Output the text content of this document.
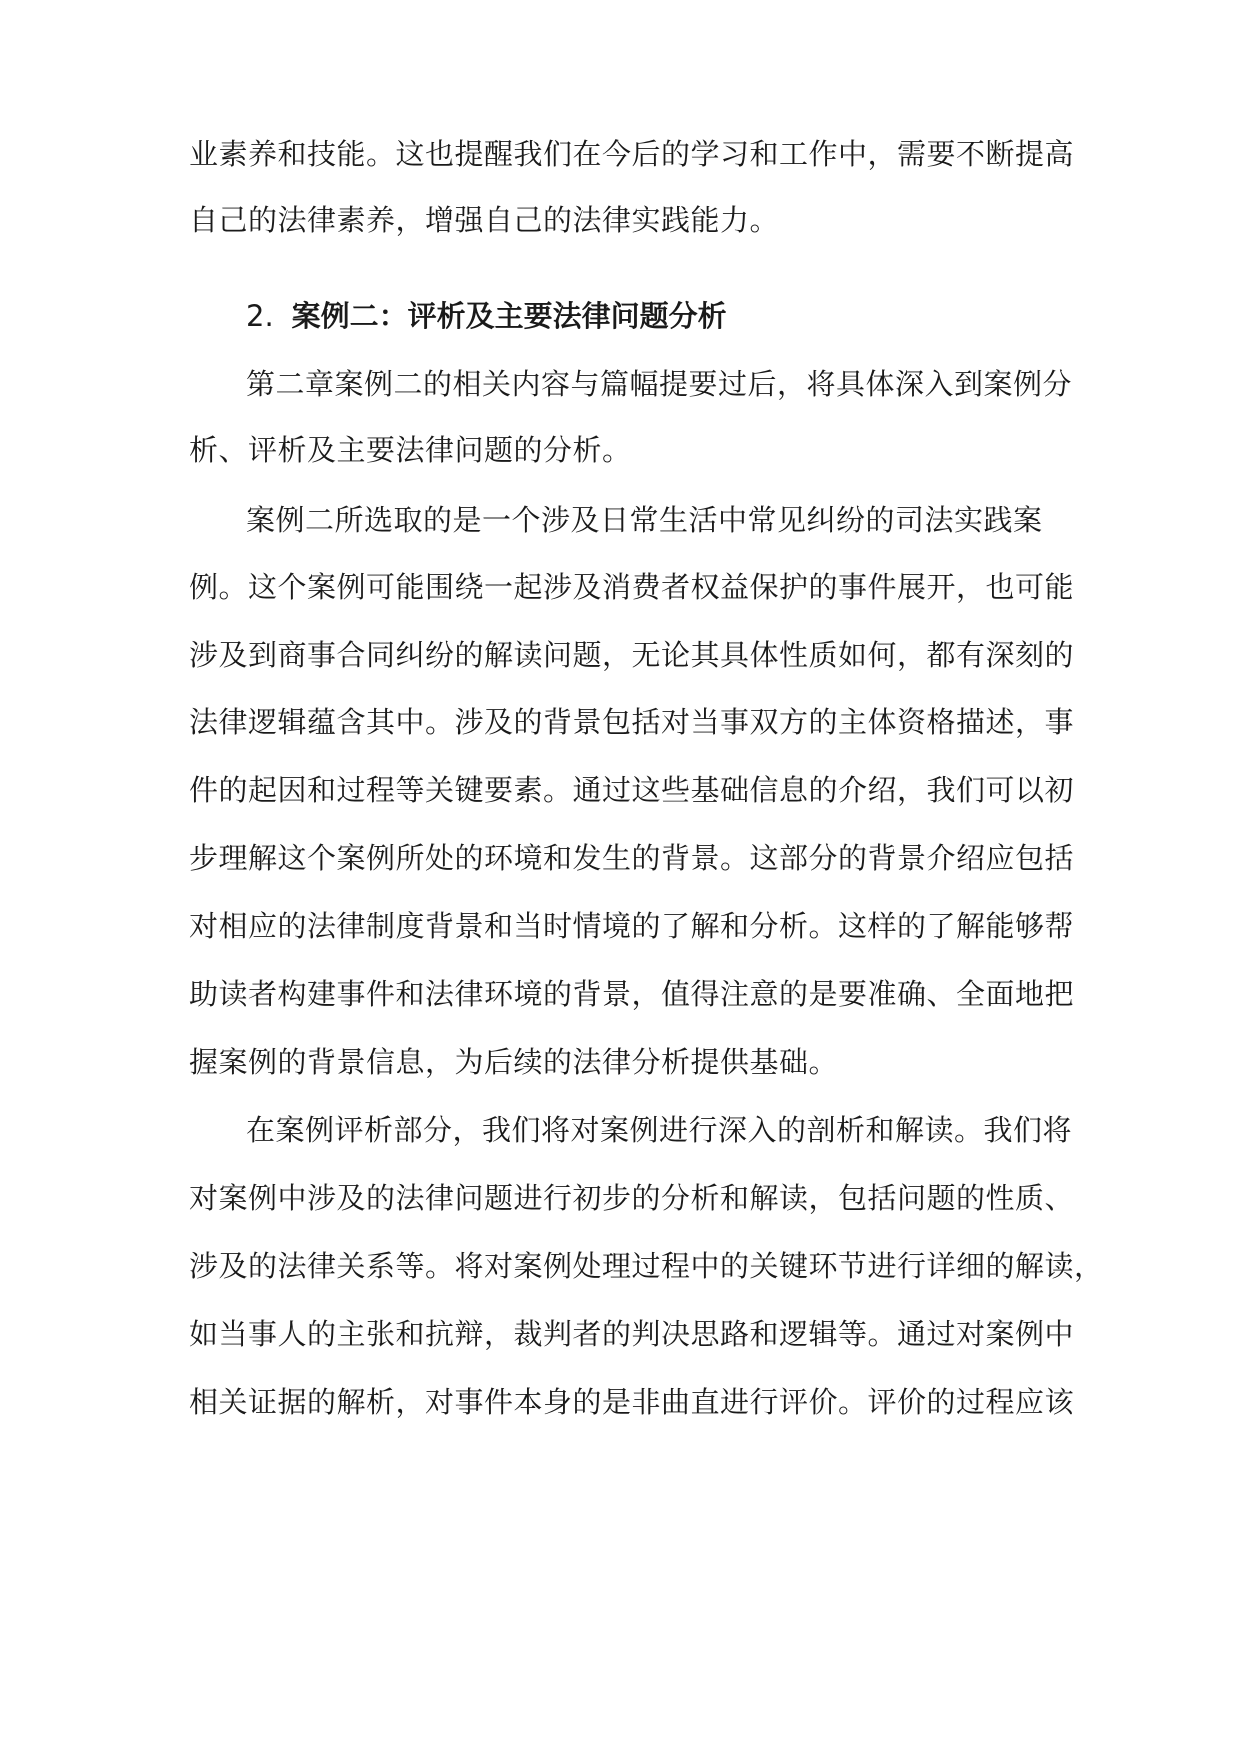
业素养和技能。这也提醒我们在今后的学习和工作中，需要不断提高
自己的法律素养，增强自己的法律实践能力。
2. 案例二：评析及主要法律问题分析
第二章案例二的相关内容与篇幅提要过后，将具体深入到案例分
析、评析及主要法律问题的分析。
案例二所选取的是一个涉及日常生活中常见纠纷的司法实践案
例。这个案例可能围绕一起涉及消费者权益保护的事件展开，也可能
涉及到商事合同纠纷的解读问题，无论其具体性质如何，都有深刻的
法律逻辑蕴含其中。涉及的背景包括对当事双方的主体资格描述，事
件的起因和过程等关键要素。通过这些基础信息的介绍，我们可以初
步理解这个案例所处的环境和发生的背景。这部分的背景介绍应包括
对相应的法律制度背景和当时情境的了解和分析。这样的了解能够帮
助读者构建事件和法律环境的背景，值得注意的是要准确、全面地把
握案例的背景信息，为后续的法律分析提供基础。
在案例评析部分，我们将对案例进行深入的剖析和解读。我们将
对案例中涉及的法律问题进行初步的分析和解读，包括问题的性质、
涉及的法律关系等。将对案例处理过程中的关键环节进行详细的解读，
如当事人的主张和抗辩，裁判者的判决思路和逻辑等。通过对案例中
相关证据的解析，对事件本身的是非曲直进行评价。评价的过程应该
